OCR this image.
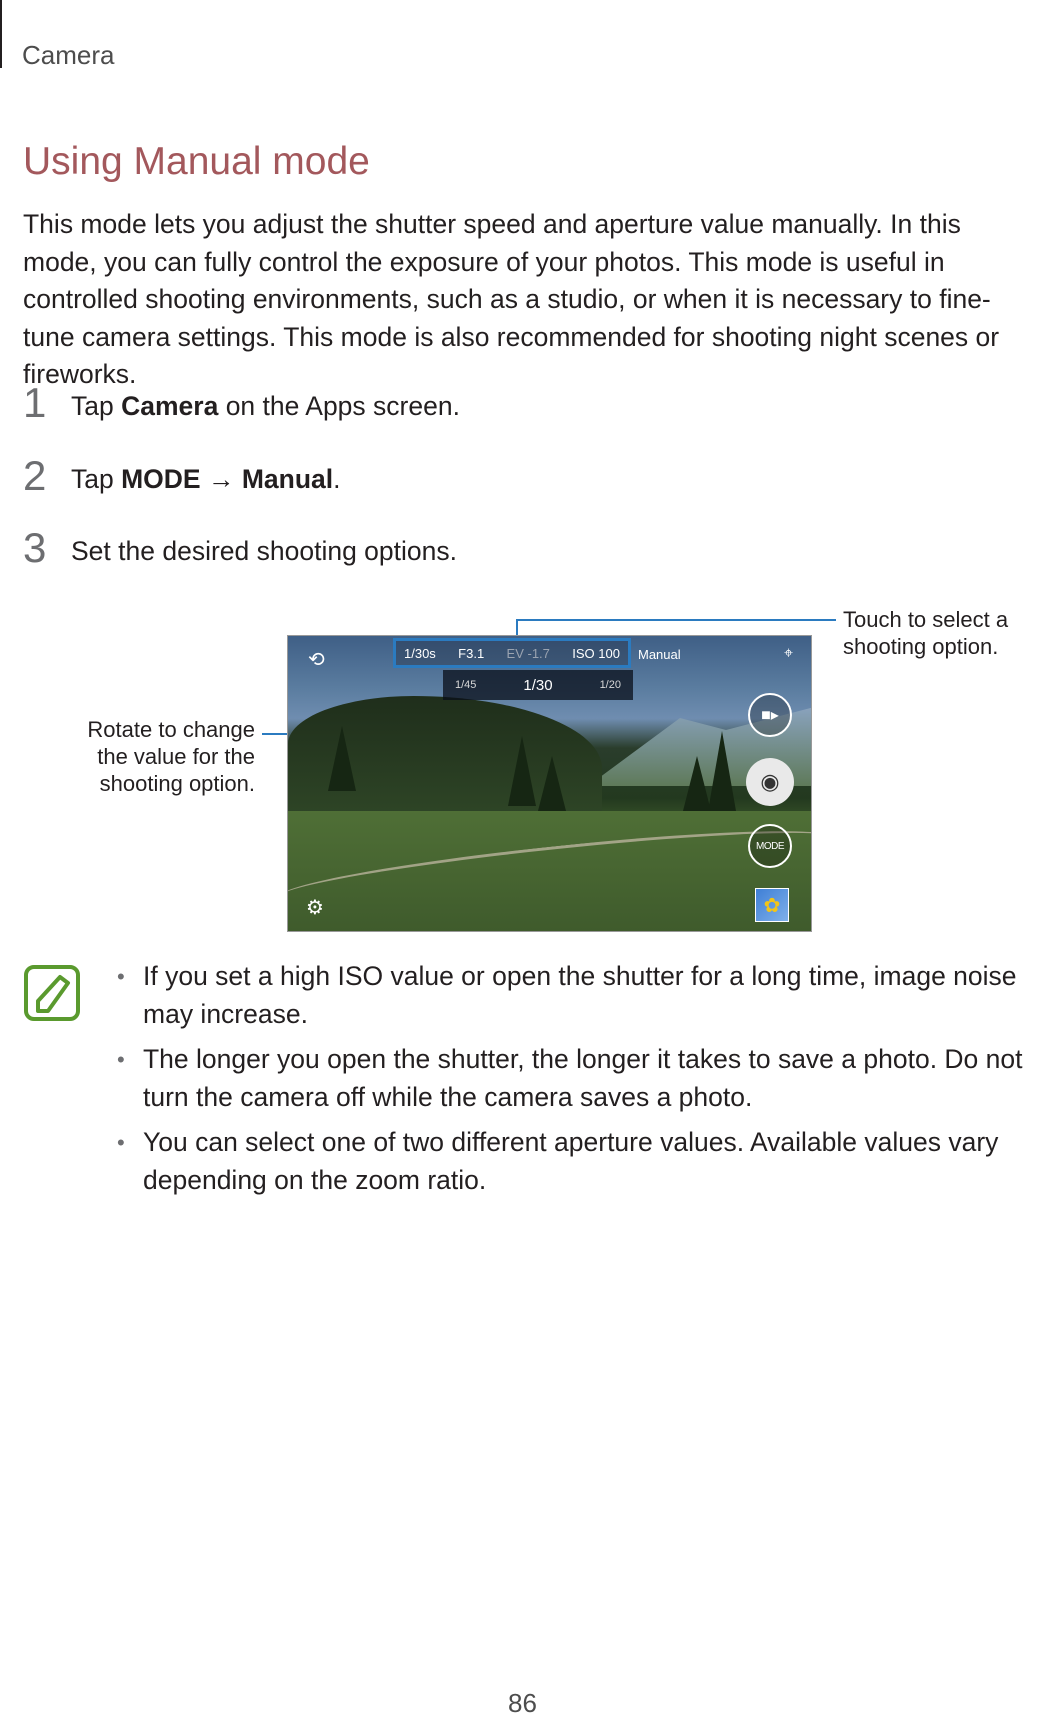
Camera
Using Manual mode

This mode lets you adjust the shutter speed and aperture value manually. In this mode, you can fully control the exposure of your photos. This mode is useful in controlled shooting environments, such as a studio, or when it is necessary to fine-tune camera settings. This mode is also recommended for shooting night scenes or fireworks.

1 Tap Camera on the Apps screen.
2 Tap MODE → Manual.
3 Set the desired shooting options.
Touch to select a shooting option.
Rotate to change the value for the shooting option.
⟲	1/30s F3.1 EV -1.7 ISO 100 Manual	⌖
1/45	1/30	1/20
■▸
◉
MODE
⚙	✿
• If you set a high ISO value or open the shutter for a long time, image noise may increase.
• The longer you open the shutter, the longer it takes to save a photo. Do not turn the camera off while the camera saves a photo.
• You can select one of two different aperture values. Available values vary depending on the zoom ratio.
86
